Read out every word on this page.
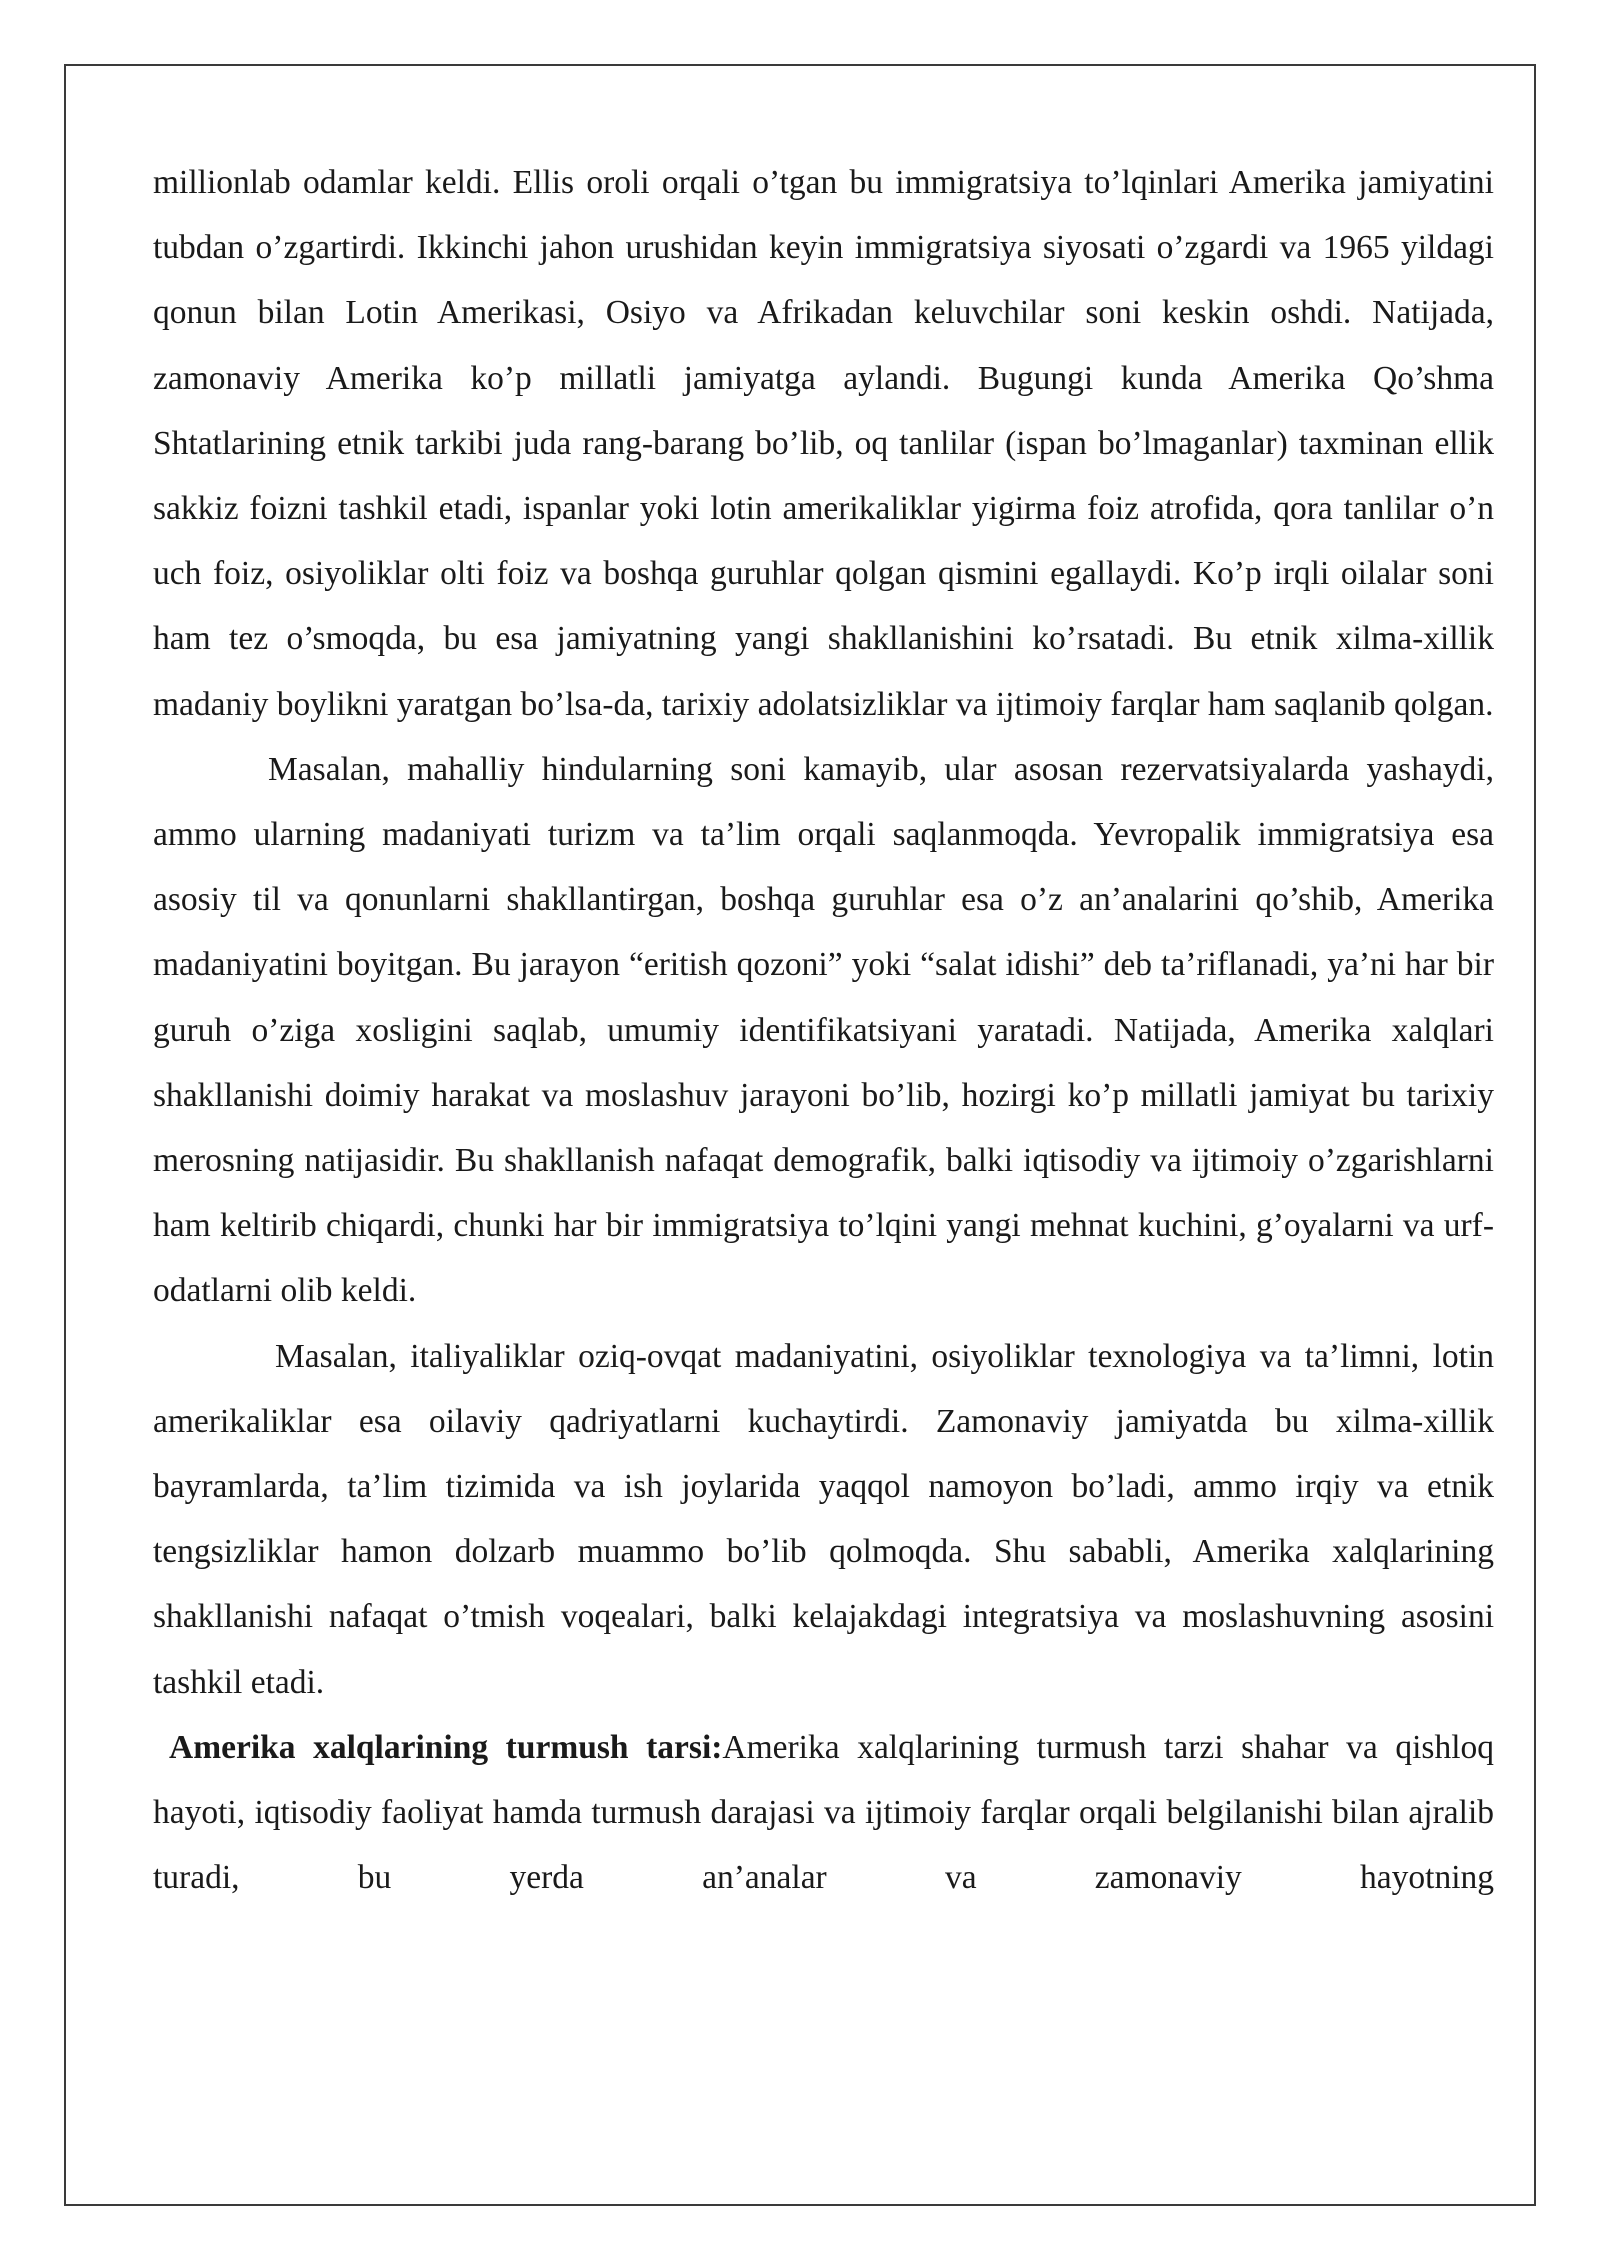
millionlab odamlar keldi. Ellis oroli orqali o’tgan bu immigratsiya to’lqinlari Amerika jamiyatini tubdan o’zgartirdi. Ikkinchi jahon urushidan keyin immigratsiya siyosati o’zgardi va 1965 yildagi qonun bilan Lotin Amerikasi, Osiyo va Afrikadan keluvchilar soni keskin oshdi. Natijada, zamonaviy Amerika ko’p millatli jamiyatga aylandi. Bugungi kunda Amerika Qo’shma Shtatlarining etnik tarkibi juda rang-barang bo’lib, oq tanlilar (ispan bo’lmaganlar) taxminan ellik sakkiz foizni tashkil etadi, ispanlar yoki lotin amerikaliklar yigirma foiz atrofida, qora tanlilar o’n uch foiz, osiyoliklar olti foiz va boshqa guruhlar qolgan qismini egallaydi. Ko’p irqli oilalar soni ham tez o’smoqda, bu esa jamiyatning yangi shakllanishini ko’rsatadi. Bu etnik xilma-xillik madaniy boylikni yaratgan bo’lsa-da, tarixiy adolatsizliklar va ijtimoiy farqlar ham saqlanib qolgan.

Masalan, mahalliy hindularning soni kamayib, ular asosan rezervatsiyalarda yashaydi, ammo ularning madaniyati turizm va ta’lim orqali saqlanmoqda. Yevropalik immigratsiya esa asosiy til va qonunlarni shakllantirgan, boshqa guruhlar esa o’z an’analarini qo’shib, Amerika madaniyatini boyitgan. Bu jarayon “eritish qozoni” yoki “salat idishi” deb ta’riflanadi, ya’ni har bir guruh o’ziga xosligini saqlab, umumiy identifikatsiyani yaratadi. Natijada, Amerika xalqlari shakllanishi doimiy harakat va moslashuv jarayoni bo’lib, hozirgi ko’p millatli jamiyat bu tarixiy merosning natijasidir. Bu shakllanish nafaqat demografik, balki iqtisodiy va ijtimoiy o’zgarishlarni ham keltirib chiqardi, chunki har bir immigratsiya to’lqini yangi mehnat kuchini, g’oyalarni va urf-odatlarni olib keldi.

Masalan, italiyaliklar oziq-ovqat madaniyatini, osiyoliklar texnologiya va ta’limni, lotin amerikaliklar esa oilaviy qadriyatlarni kuchaytirdi. Zamonaviy jamiyatda bu xilma-xillik bayramlarda, ta’lim tizimida va ish joylarida yaqqol namoyon bo’ladi, ammo irqiy va etnik tengsizliklar hamon dolzarb muammo bo’lib qolmoqda. Shu sababli, Amerika xalqlarining shakllanishi nafaqat o’tmish voqealari, balki kelajakdagi integratsiya va moslashuvning asosini tashkil etadi.

Amerika xalqlarining turmush tarsi:Amerika xalqlarining turmush tarzi shahar va qishloq hayoti, iqtisodiy faoliyat hamda turmush darajasi va ijtimoiy farqlar orqali belgilanishi bilan ajralib turadi, bu yerda an’analar va zamonaviy hayotning
